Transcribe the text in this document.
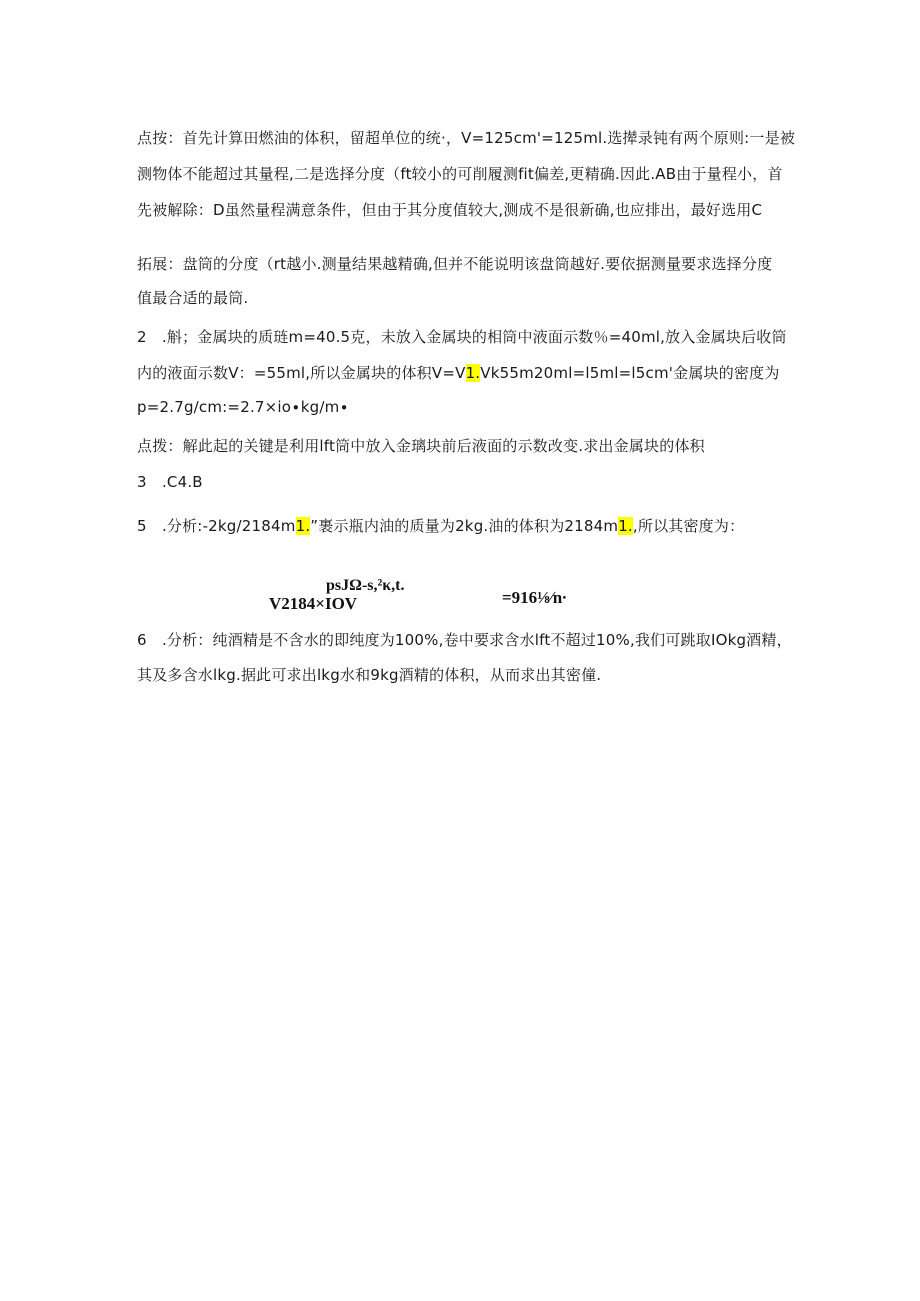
点按：首先计算田燃油的体积，留超单位的统·，V=125cm'=125ml.选撵录钝有两个原则:一是被
测物体不能超过其量程,二是选择分度（ft较小的可削履测fit偏差,更精确.因此.AB由于量程小，首
先被解除：D虽然量程满意条件，但由于其分度值较大,测成不是很新确,也应排出，最好选用C
拓展：盘筒的分度（rt越小.测量结果越精确,但并不能说明该盘筒越好.要依据测量要求选择分度
值最合适的最筒.
2　.斛；金属块的质琏m=40.5克，未放入金属块的相筒中液面示数％=40ml,放入金属块后收筒
内的液面示数V：=55ml,所以金属块的体积V=V1.Vk55m20ml=l5ml=l5cm'金属块的密度为
p=2.7g∕cm:=2.7×io∙kg∕m∙
点拨：解此起的关键是利用lft筒中放入金璃块前后液面的示数改变.求出金属块的体积
3　.C4.B
5　.分析:-2kg/2184m1.”裹示瓶内油的质量为2kg.油的体积为2184m1.,所以其密度为：
psJΩ-s,²κ,t.
V2184×IOV	=916⅛∕n∙
6　.分析：纯酒精是不含水的即纯度为100%,卷中要求含水lft不超过10%,我们可跳取IOkg酒精，
其及多含水lkg.据此可求出lkg水和9kg酒精的体积，从而求出其密僮.
